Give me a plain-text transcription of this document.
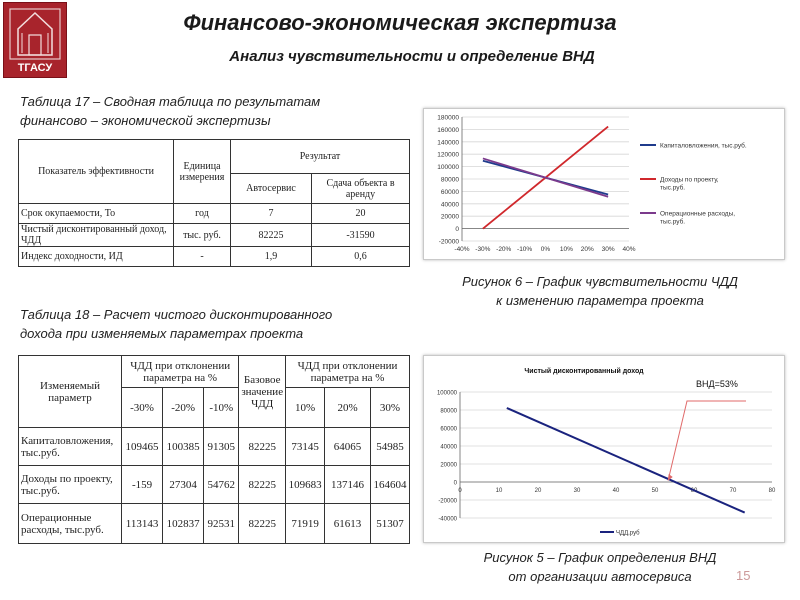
ТГАСУ
Финансово-экономическая экспертиза
Анализ чувствительности и определение ВНД
Таблица 17 – Сводная таблица по результатам
финансово – экономической экспертизы
Показатель эффективности	Единица измерения	Результат	
		Автосервис	Сдача объекта в аренду
Срок окупаемости, То	год	7	20
Чистый дисконтированный доход, ЧДД	тыс. руб.	82225	-31590
Индекс доходности, ИД	-	1,9	0,6
Таблица 18 – Расчет чистого дисконтированного
дохода при изменяемых параметрах проекта
Изменяемый параметр	ЧДД при отклонении параметра на %			Базовое значение ЧДД	ЧДД при отклонении параметра на %		
	-30%	-20%	-10%		10%	20%	30%
Капиталовложения, тыс.руб.	109465	100385	91305	82225	73145	64065	54985
Доходы по проекту, тыс.руб.	-159	27304	54762	82225	109683	137146	164604
Операционные расходы, тыс.руб.	113143	102837	92531	82225	71919	61613	51307
-20000
0
20000
40000
60000
80000
100000
120000
140000
160000
180000
-40% -30% -20% -10% 0% 10% 20% 30% 40%
Капиталовложения, тыс.руб.
Доходы по проекту, тыс.руб.
Операционные расходы, тыс.руб.
Рисунок 6 – График чувствительности ЧДД
к изменению параметра проекта
Чистый дисконтированный доход
-40000
-20000
0
20000
40000
60000
80000
100000
0	10	20	30	40	50	60	70	80
ЧДД,руб
ВНД=53%
Рисунок 5 – График определения ВНД
от организации автосервиса	15
